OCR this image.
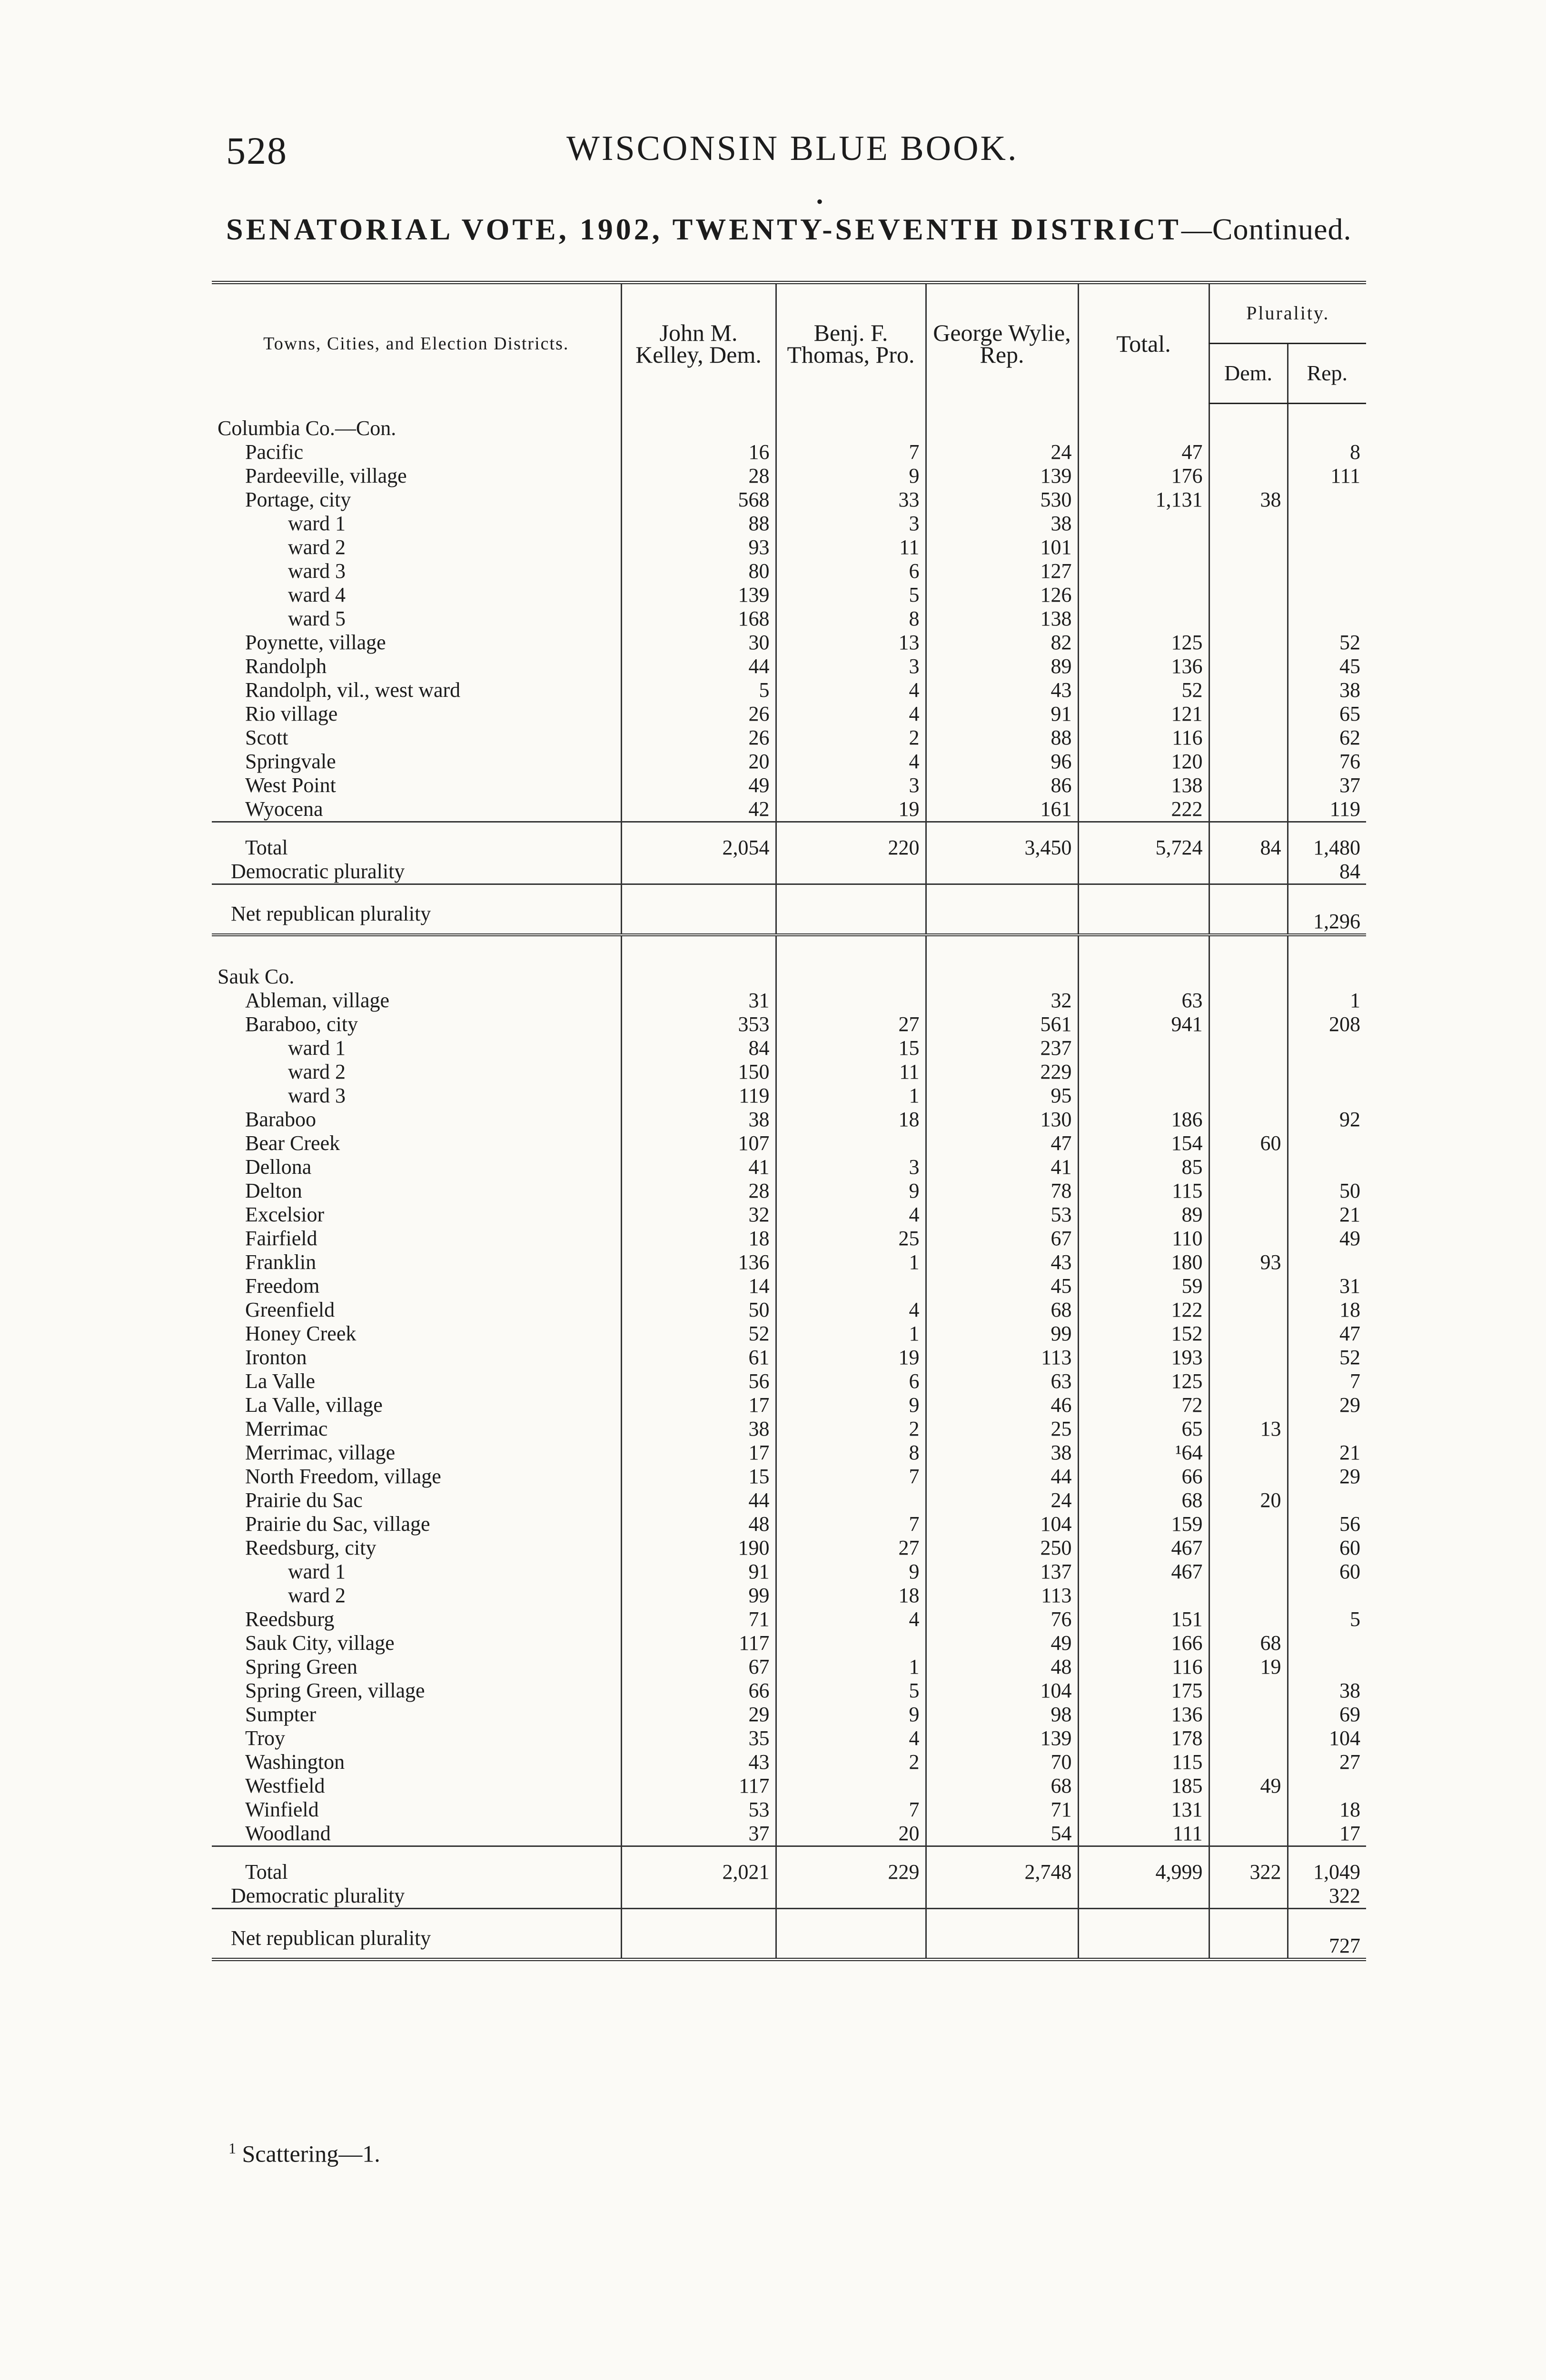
528	WISCONSIN BLUE BOOK.
•
SENATORIAL VOTE, 1902, TWENTY-SEVENTH DISTRICT—Continued.
Towns, Cities, and Election Districts.	John M. Kelley, Dem.	Benj. F. Thomas, Pro.	George Wylie, Rep.	Total.	Plurality.	
					Dem.	Rep.
Columbia Co.—Con.						
Pacific	16	7	24	47		8
Pardeeville, village	28	9	139	176		111
Portage, city	568	33	530	1,131	38	
ward 1	88	3	38			
ward 2	93	11	101			
ward 3	80	6	127			
ward 4	139	5	126			
ward 5	168	8	138			
Poynette, village	30	13	82	125		52
Randolph	44	3	89	136		45
Randolph, vil., west ward	5	4	43	52		38
Rio village	26	4	91	121		65
Scott	26	2	88	116		62
Springvale	20	4	96	120		76
West Point	49	3	86	138		37
Wyocena	42	19	161	222		119
Total	2,054	220	3,450	5,724	84	1,480
Democratic plurality						84
Net republican plurality						1,296
Sauk Co.						
Ableman, village	31		32	63		1
Baraboo, city	353	27	561	941		208
ward 1	84	15	237			
ward 2	150	11	229			
ward 3	119	1	95			
Baraboo	38	18	130	186		92
Bear Creek	107		47	154	60	
Dellona	41	3	41	85		
Delton	28	9	78	115		50
Excelsior	32	4	53	89		21
Fairfield	18	25	67	110		49
Franklin	136	1	43	180	93	
Freedom	14		45	59		31
Greenfield	50	4	68	122		18
Honey Creek	52	1	99	152		47
Ironton	61	19	113	193		52
La Valle	56	6	63	125		7
La Valle, village	17	9	46	72		29
Merrimac	38	2	25	65	13	
Merrimac, village	17	8	38	¹64		21
North Freedom, village	15	7	44	66		29
Prairie du Sac	44		24	68	20	
Prairie du Sac, village	48	7	104	159		56
Reedsburg, city	190	27	250	467		60
ward 1	91	9	137	467		60
ward 2	99	18	113			
Reedsburg	71	4	76	151		5
Sauk City, village	117		49	166	68	
Spring Green	67	1	48	116	19	
Spring Green, village	66	5	104	175		38
Sumpter	29	9	98	136		69
Troy	35	4	139	178		104
Washington	43	2	70	115		27
Westfield	117		68	185	49	
Winfield	53	7	71	131		18
Woodland	37	20	54	111		17
Total	2,021	229	2,748	4,999	322	1,049
Democratic plurality						322
Net republican plurality						727

$^1$ Scattering—1.
